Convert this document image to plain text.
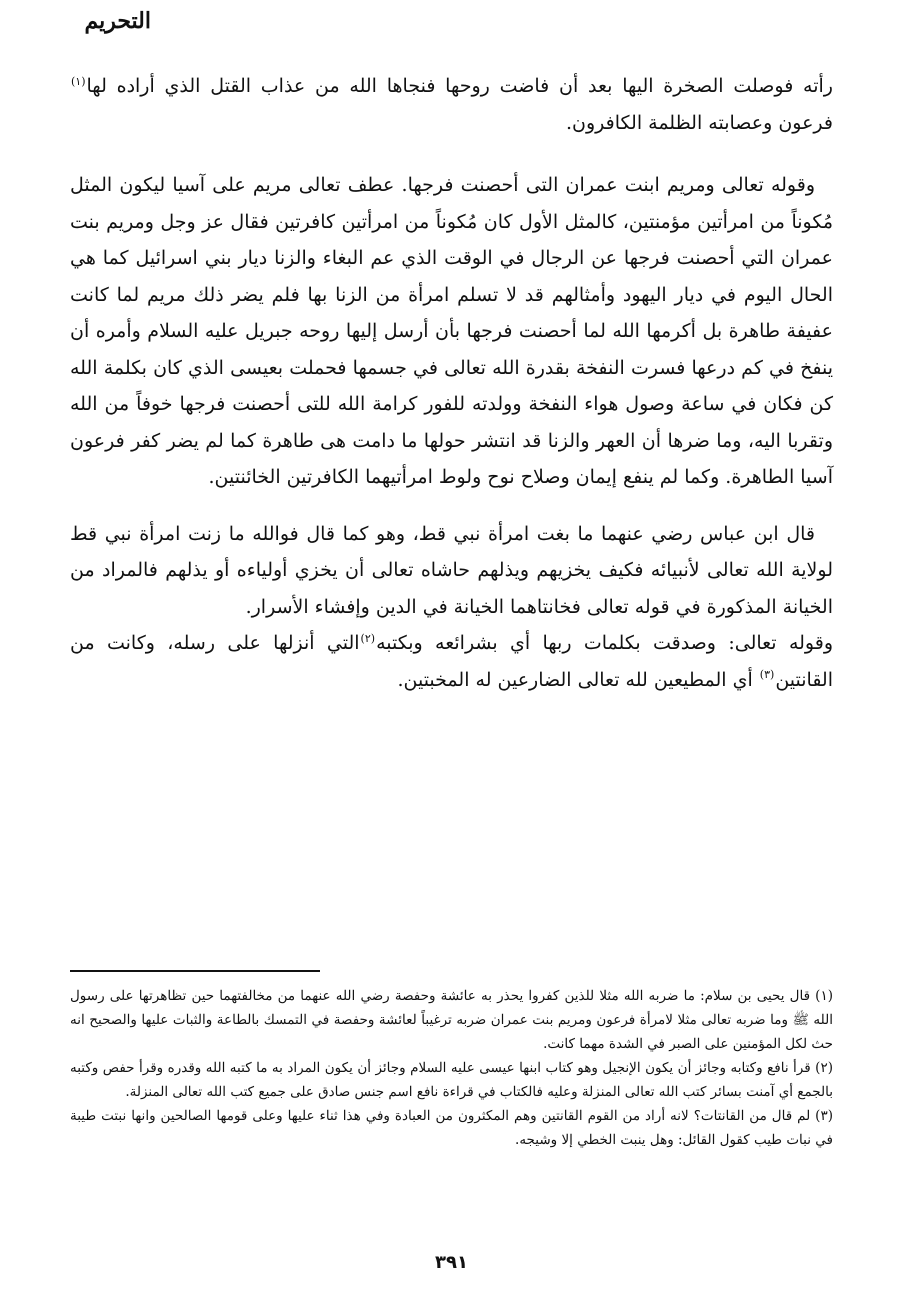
التحريم

رأته فوصلت الصخرة اليها بعد أن فاضت روحها فنجاها الله من عذاب القتل الذي أراده لها$^{(١)}$ فرعون وعصابته الظلمة الكافرون.

وقوله تعالى ومريم ابنت عمران التى أحصنت فرجها. عطف تعالى مريم على آسيا ليكون المثل مُكوناً من امرأتين مؤمنتين، كالمثل الأول كان مُكوناً من امرأتين كافرتين فقال عز وجل ومريم بنت عمران التي أحصنت فرجها عن الرجال في الوقت الذي عم البغاء والزنا ديار بني اسرائيل كما هي الحال اليوم في ديار اليهود وأمثالهم قد لا تسلم امرأة من الزنا بها فلم يضر ذلك مريم لما كانت عفيفة طاهرة بل أكرمها الله لما أحصنت فرجها بأن أرسل إليها روحه جبريل عليه السلام وأمره أن ينفخ في كم درعها فسرت النفخة بقدرة الله تعالى في جسمها فحملت بعيسى الذي كان بكلمة الله كن فكان في ساعة وصول هواء النفخة وولدته للفور كرامة الله للتى أحصنت فرجها خوفاً من الله وتقربا اليه، وما ضرها أن العهر والزنا قد انتشر حولها ما دامت هى طاهرة كما لم يضر كفر فرعون آسيا الطاهرة. وكما لم ينفع إيمان وصلاح نوح ولوط امرأتيهما الكافرتين الخائنتين.

قال ابن عباس رضي عنهما ما بغت امرأة نبي قط، وهو كما قال فوالله ما زنت امرأة نبي قط لولاية الله تعالى لأنبيائه فكيف يخزيهم ويذلهم حاشاه تعالى أن يخزي أولياءه أو يذلهم فالمراد من الخيانة المذكورة في قوله تعالى فخانتاهما الخيانة في الدين وإفشاء الأسرار.

وقوله تعالى: وصدقت بكلمات ربها أي بشرائعه وبكتبه$^{(٢)}$التي أنزلها على رسله، وكانت من القانتين$^{(٣)}$ أي المطيعين لله تعالى الضارعين له المخبتين.

(١) قال يحيى بن سلام: ما ضربه الله مثلا للذين كفروا يحذر به عائشة وحفصة رضي الله عنهما من مخالفتهما حين تظاهرتها على رسول الله ﷺ وما ضربه تعالى مثلا لامرأة فرعون ومريم بنت عمران ضربه ترغيباً لعائشة وحفصة في التمسك بالطاعة والثبات عليها والصحيح انه حث لكل المؤمنين على الصبر في الشدة مهما كانت.

(٢) قرأ نافع وكتابه وجائز أن يكون الإنجيل وهو كتاب ابنها عيسى عليه السلام وجائز أن يكون المراد به ما كتبه الله وقدره وقرأ حفص وكتبه بالجمع أي آمنت بسائر كتب الله تعالى المنزلة وعليه فالكتاب في قراءة نافع اسم جنس صادق على جميع كتب الله تعالى المنزلة.

(٣) لم قال من القانتات؟ لانه أراد من القوم القانتين وهم المكثرون من العبادة وفي هذا ثناء عليها وعلى قومها الصالحين وانها نبتت طيبة في نبات طيب كقول القائل: وهل ينبت الخطي إلا وشيجه.

٣٩١
